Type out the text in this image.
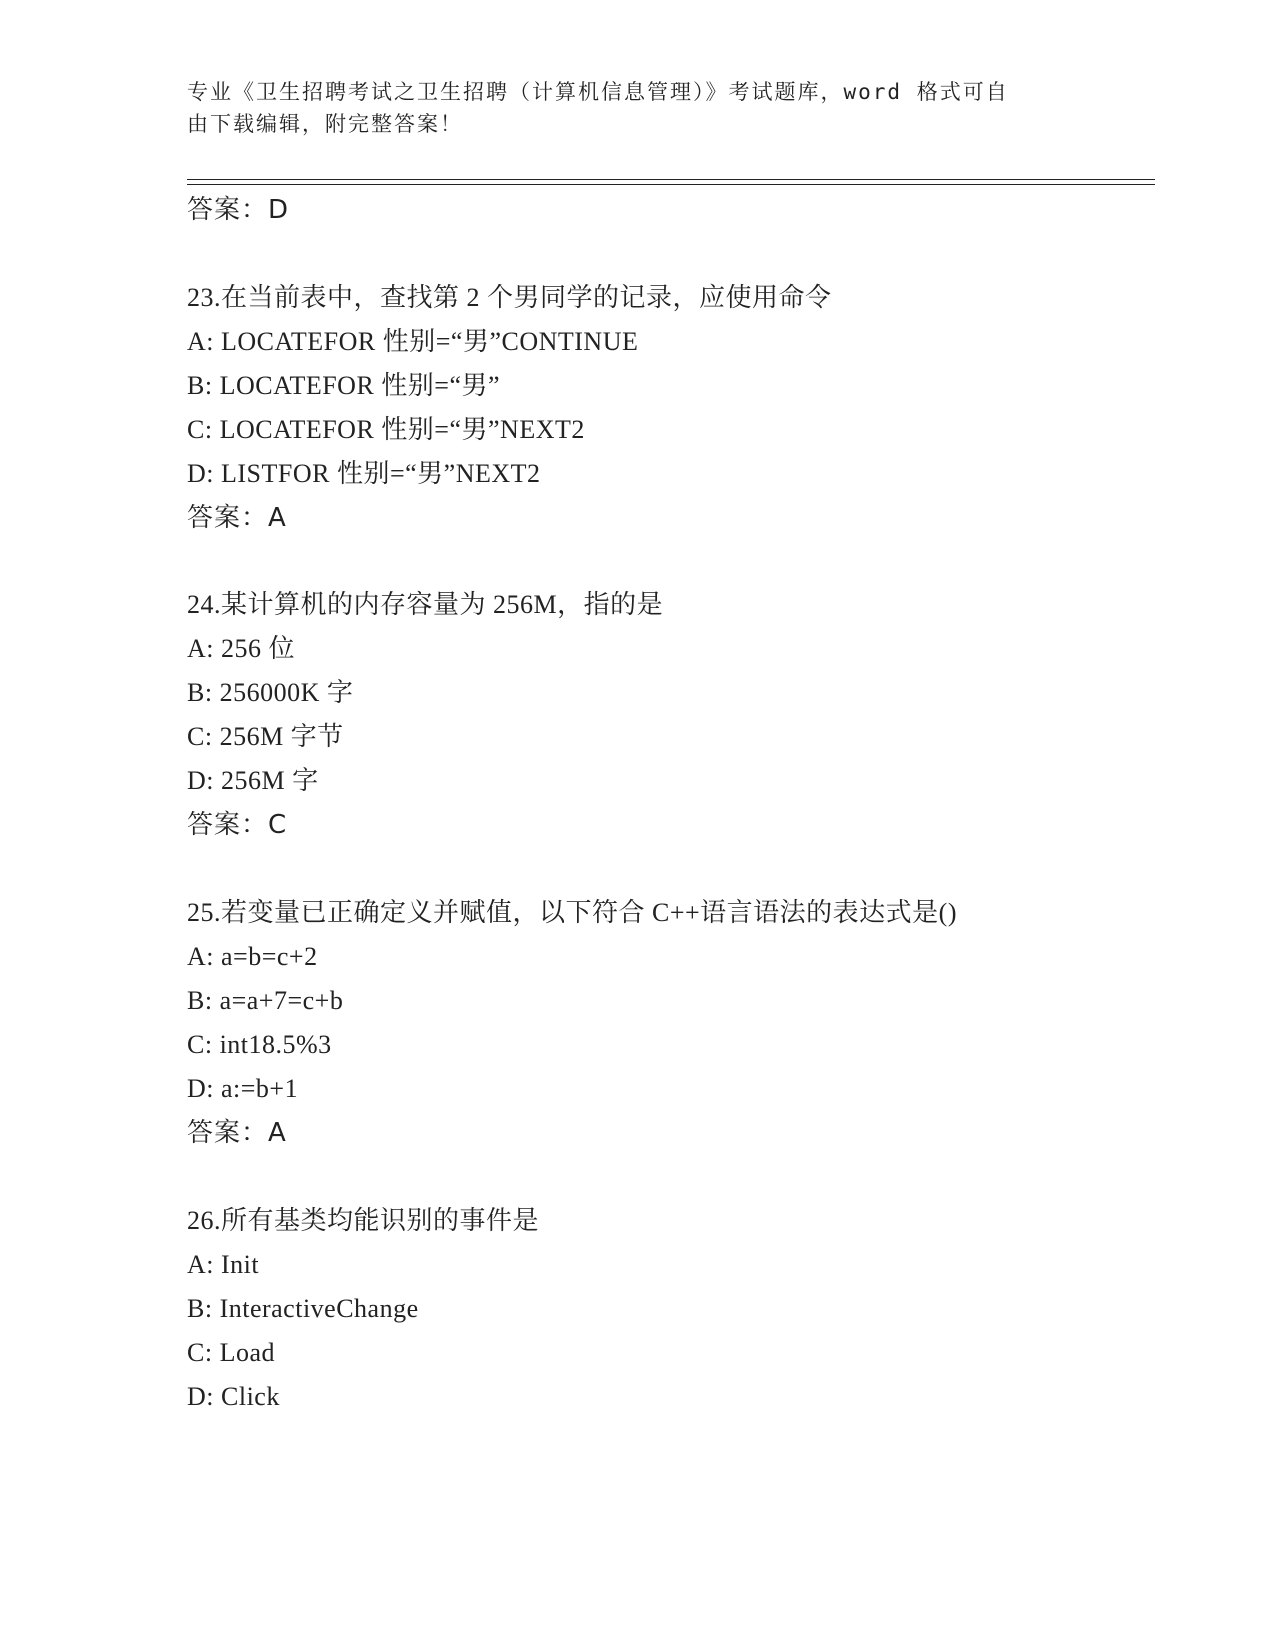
专业《卫生招聘考试之卫生招聘（计算机信息管理）》考试题库，word 格式可自
由下载编辑，附完整答案！
答案：D
23.在当前表中，查找第 2 个男同学的记录，应使用命令
A: LOCATEFOR 性别=“男”CONTINUE
B: LOCATEFOR 性别=“男”
C: LOCATEFOR 性别=“男”NEXT2
D: LISTFOR 性别=“男”NEXT2
答案：A
24.某计算机的内存容量为 256M，指的是
A: 256 位
B: 256000K 字
C: 256M 字节
D: 256M 字
答案：C
25.若变量已正确定义并赋值，以下符合 C++语言语法的表达式是()
A: a=b=c+2
B: a=a+7=c+b
C: int18.5%3
D: a:=b+1
答案：A
26.所有基类均能识别的事件是
A: Init
B: InteractiveChange
C: Load
D: Click
